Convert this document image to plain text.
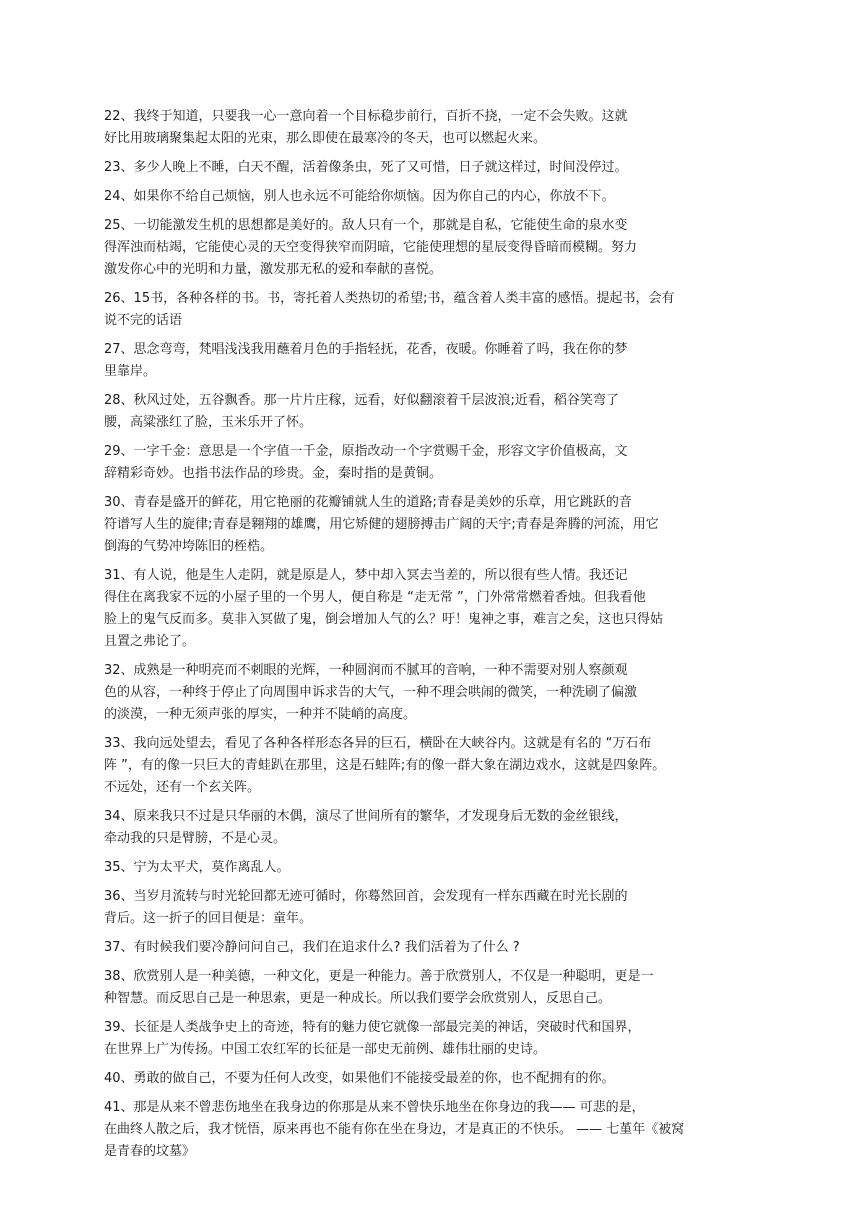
22、我终于知道，只要我一心一意向着一个目标稳步前行，百折不挠，一定不会失败。这就
好比用玻璃聚集起太阳的光束，那么即使在最寒冷的冬天，也可以燃起火来。
23、多少人晚上不睡，白天不醒，活着像条虫，死了又可惜，日子就这样过，时间没停过。
24、如果你不给自己烦恼，别人也永远不可能给你烦恼。因为你自己的内心，你放不下。
25、一切能激发生机的思想都是美好的。敌人只有一个，那就是自私，它能使生命的泉水变
得浑浊而枯竭，它能使心灵的天空变得狭窄而阴暗，它能使理想的星辰变得昏暗而模糊。努力
激发你心中的光明和力量，激发那无私的爱和奉献的喜悦。
26、15书，各种各样的书。书，寄托着人类热切的希望;书，蕴含着人类丰富的感悟。提起书，会有
说不完的话语
27、思念弯弯，梵唱浅浅我用蘸着月色的手指轻抚，花香，夜暖。你睡着了吗，我在你的梦
里靠岸。
28、秋风过处，五谷飘香。那一片片庄稼，远看，好似翻滚着千层波浪;近看，稻谷笑弯了
腰，高粱涨红了脸，玉米乐开了怀。
29、一字千金：意思是一个字值一千金，原指改动一个字赏赐千金，形容文字价值极高，文
辞精彩奇妙。也指书法作品的珍贵。金，秦时指的是黄铜。
30、青春是盛开的鲜花，用它艳丽的花瓣铺就人生的道路;青春是美妙的乐章，用它跳跃的音
符谱写人生的旋律;青春是翱翔的雄鹰，用它矫健的翅膀搏击广阔的天宇;青春是奔腾的河流，用它
倒海的气势冲垮陈旧的桎梏。
31、有人说，他是生人走阴，就是原是人，梦中却入冥去当差的，所以很有些人情。我还记
得住在离我家不远的小屋子里的一个男人，便自称是 “走无常 ”，门外常常燃着香烛。但我看他
脸上的鬼气反而多。莫非入冥做了鬼，倒会增加人气的么？吁！鬼神之事，难言之矣，这也只得姑
且置之弗论了。
32、成熟是一种明亮而不刺眼的光辉，一种圆润而不腻耳的音响，一种不需要对别人察颜观
色的从容，一种终于停止了向周围申诉求告的大气，一种不理会哄闹的微笑，一种洗刷了偏激
的淡漠，一种无须声张的厚实，一种并不陡峭的高度。
33、我向远处望去，看见了各种各样形态各异的巨石，横卧在大峡谷内。这就是有名的 “万石布
阵 ”，有的像一只巨大的青蛙趴在那里，这是石蛙阵;有的像一群大象在湖边戏水，这就是四象阵。
不远处，还有一个玄关阵。
34、原来我只不过是只华丽的木偶，演尽了世间所有的繁华，才发现身后无数的金丝银线，
牵动我的只是臂膀，不是心灵。
35、宁为太平犬，莫作离乱人。
36、当岁月流转与时光轮回都无迹可循时，你蓦然回首，会发现有一样东西藏在时光长剧的
背后。这一折子的回目便是：童年。
37、有时候我们要冷静问问自己，我们在追求什么? 我们活着为了什么 ?
38、欣赏别人是一种美德，一种文化，更是一种能力。善于欣赏别人，不仅是一种聪明，更是一
种智慧。而反思自己是一种思索，更是一种成长。所以我们要学会欣赏别人，反思自己。
39、长征是人类战争史上的奇迹，特有的魅力使它就像一部最完美的神话，突破时代和国界，
在世界上广为传扬。中国工农红军的长征是一部史无前例、雄伟壮丽的史诗。
40、勇敢的做自己，不要为任何人改变，如果他们不能接受最差的你，也不配拥有的你。
41、那是从来不曾悲伤地坐在我身边的你那是从来不曾快乐地坐在你身边的我—— 可悲的是，
在曲终人散之后，我才恍悟，原来再也不能有你在坐在身边，才是真正的不快乐。 —— 七堇年《被窝
是青春的坟墓》
